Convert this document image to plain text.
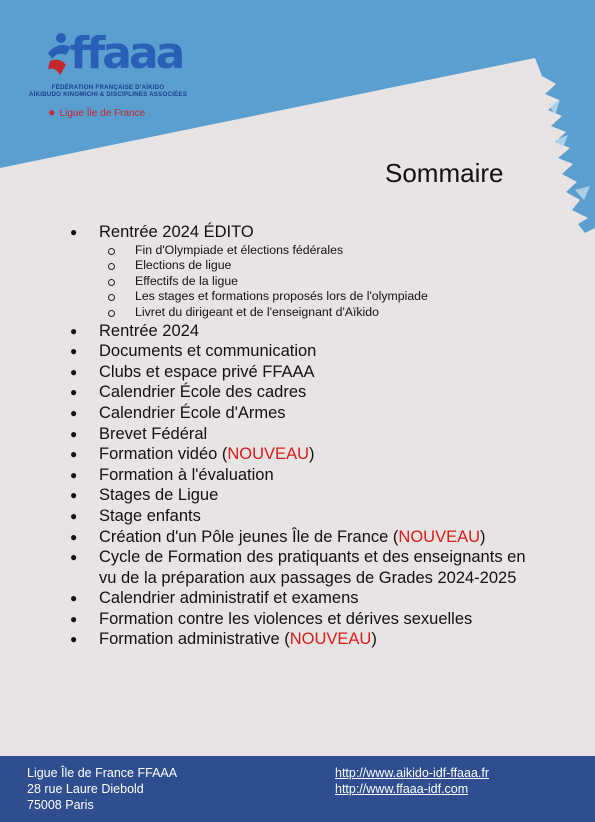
ffaaa
FÉDÉRATION FRANÇAISE D'AÏKIDO
AÏKIBUDO KINOMICHI & DISCIPLINES ASSOCIÉES
✸ Ligue Île de France
Sommaire
● Rentrée 2024 ÉDITO
Fin d'Olympiade et élections fédérales
Elections de ligue
Effectifs de la ligue
Les stages et formations proposés lors de l'olympiade
Livret du dirigeant et de l'enseignant d'Aïkido
● Rentrée 2024
● Documents et communication
● Clubs et espace privé FFAAA
● Calendrier École des cadres
● Calendrier École d'Armes
● Brevet Fédéral
● Formation vidéo (NOUVEAU)
● Formation à l'évaluation
● Stages de Ligue
● Stage enfants
● Création d'un Pôle jeunes Île de France (NOUVEAU)
● Cycle de Formation des pratiquants et des enseignants en
vu de la préparation aux passages de Grades 2024-2025
● Calendrier administratif et examens
● Formation contre les violences et dérives sexuelles
● Formation administrative (NOUVEAU)
Ligue Île de France FFAAA
28 rue Laure Diebold
75008 Paris
http://www.aikido-idf-ffaaa.fr
http://www.ffaaa-idf.com
